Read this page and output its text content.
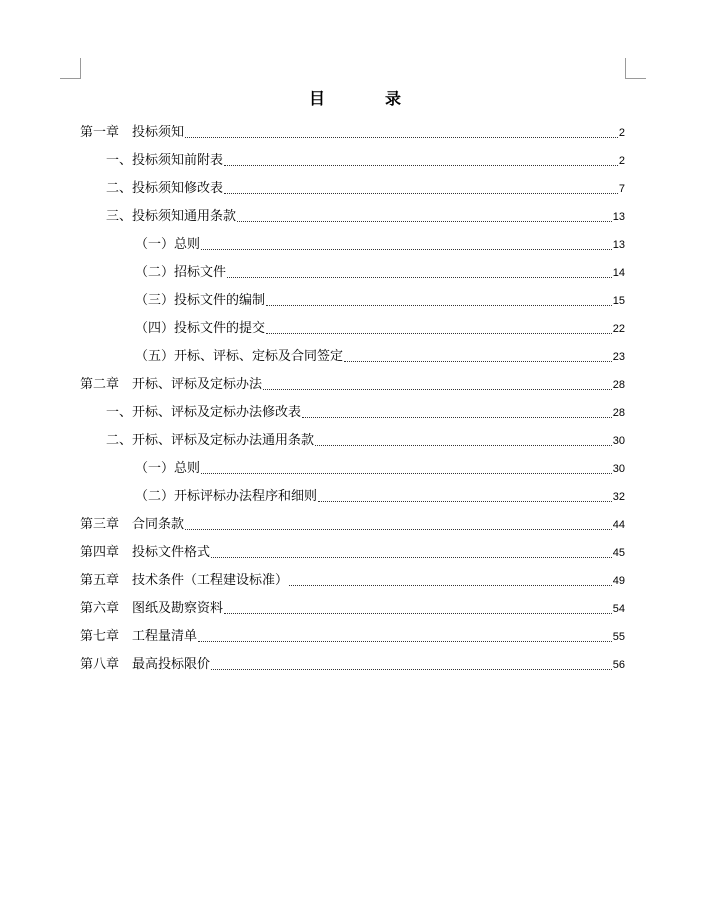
目　录
第一章　投标须知	2
一、投标须知前附表	2
二、投标须知修改表	7
三、投标须知通用条款	13
（一）总则	13
（二）招标文件	14
（三）投标文件的编制	15
（四）投标文件的提交	22
（五）开标、评标、定标及合同签定	23
第二章　开标、评标及定标办法	28
一、开标、评标及定标办法修改表	28
二、开标、评标及定标办法通用条款	30
（一）总则	30
（二）开标评标办法程序和细则	32
第三章　合同条款	44
第四章　投标文件格式	45
第五章　技术条件（工程建设标准）	49
第六章　图纸及勘察资料	54
第七章　工程量清单	55
第八章　最高投标限价	56
